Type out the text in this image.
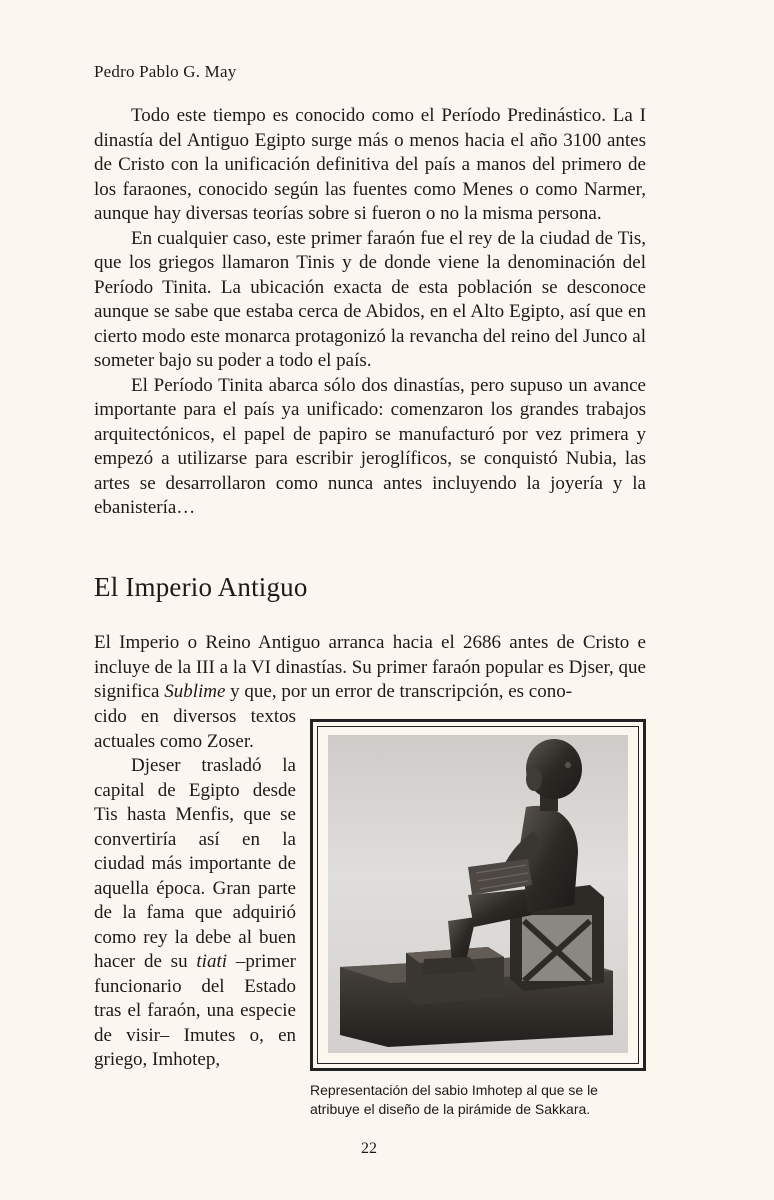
Pedro Pablo G. May

Todo este tiempo es conocido como el Período Predinástico. La I dinastía del Antiguo Egipto surge más o menos hacia el año 3100 antes de Cristo con la unificación definitiva del país a manos del primero de los faraones, conocido según las fuentes como Menes o como Narmer, aunque hay diversas teorías sobre si fueron o no la misma persona.

En cualquier caso, este primer faraón fue el rey de la ciudad de Tis, que los griegos llamaron Tinis y de donde viene la denominación del Período Tinita. La ubicación exacta de esta población se desconoce aunque se sabe que estaba cerca de Abidos, en el Alto Egipto, así que en cierto modo este monarca protagonizó la revancha del reino del Junco al someter bajo su poder a todo el país.

El Período Tinita abarca sólo dos dinastías, pero supuso un avance importante para el país ya unificado: comenzaron los grandes trabajos arquitectónicos, el papel de papiro se manufacturó por vez primera y empezó a utilizarse para escribir jeroglíficos, se conquistó Nubia, las artes se desarrollaron como nunca antes incluyendo la joyería y la ebanistería…

El Imperio Antiguo

El Imperio o Reino Antiguo arranca hacia el 2686 antes de Cristo e incluye de la III a la VI dinastías. Su primer faraón popular es Djser, que significa Sublime y que, por un error de transcripción, es cono-

cido en diversos textos actuales como Zoser.

Djeser trasladó la capital de Egipto desde Tis hasta Menfis, que se convertiría así en la ciudad más importante de aquella época. Gran parte de la fama que adquirió como rey la debe al buen hacer de su tiati –primer funcionario del Estado tras el faraón, una especie de visir– Imutes o, en griego, Imhotep,

Representación del sabio Imhotep al que se le atribuye el diseño de la pirámide de Sakkara.
22
